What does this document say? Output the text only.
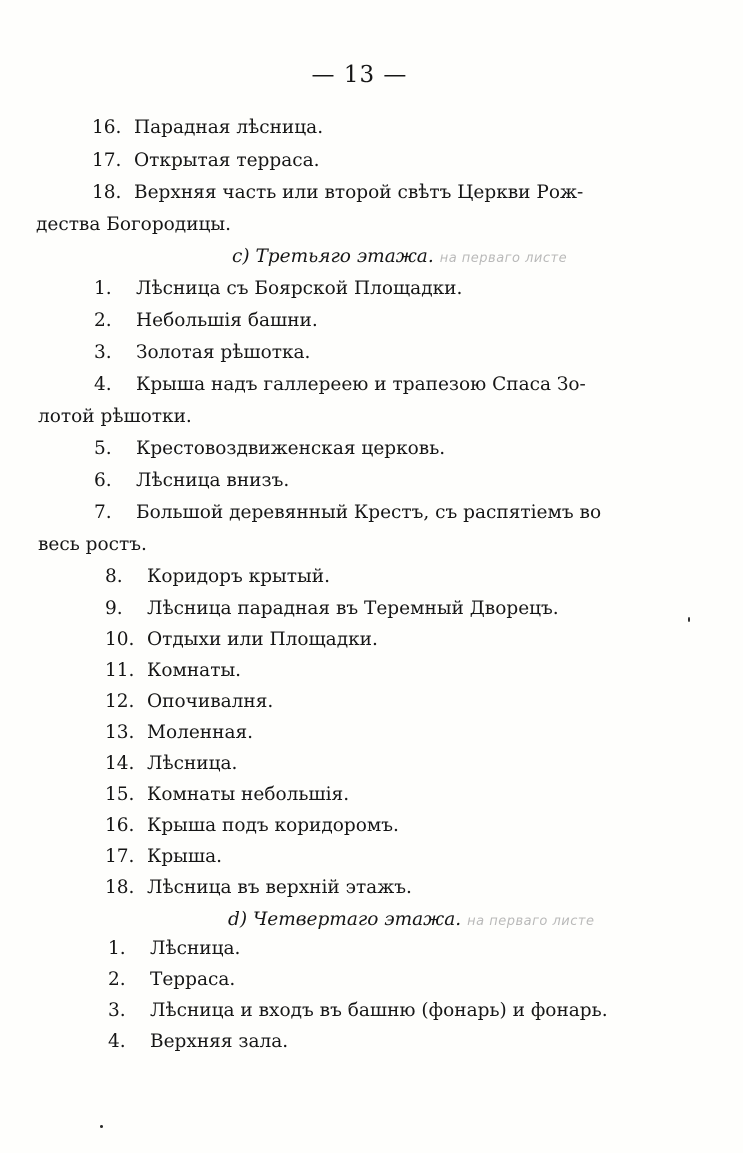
— 13 —
16. Парадная лѣсница.
17. Открытая терраса.
18. Верхняя часть или второй свѣтъ Церкви Рож-
дества Богородицы.
c) Третьяго этажа. на перваго листе
1. Лѣсница съ Боярской Площадки.
2. Небольшія башни.
3. Золотая рѣшотка.
4. Крыша надъ галлереею и трапезою Спаса Зо-
лотой рѣшотки.
5. Крестовоздвиженская церковь.
6. Лѣсница внизъ.
7. Большой деревянный Крестъ, съ распятіемъ во
весь ростъ.
8. Коридоръ крытый.
9. Лѣсница парадная въ Теремный Дворецъ.
10. Отдыхи или Площадки.
11. Комнаты.
12. Опочивалня.
13. Моленная.
14. Лѣсница.
15. Комнаты небольшія.
16. Крыша подъ коридоромъ.
17. Крыша.
18. Лѣсница въ верхній этажъ.
d) Четвертаго этажа. на перваго листе
1. Лѣсница.
2. Терраса.
3. Лѣсница и входъ въ башню (фонарь) и фонарь.
4. Верхняя зала.
